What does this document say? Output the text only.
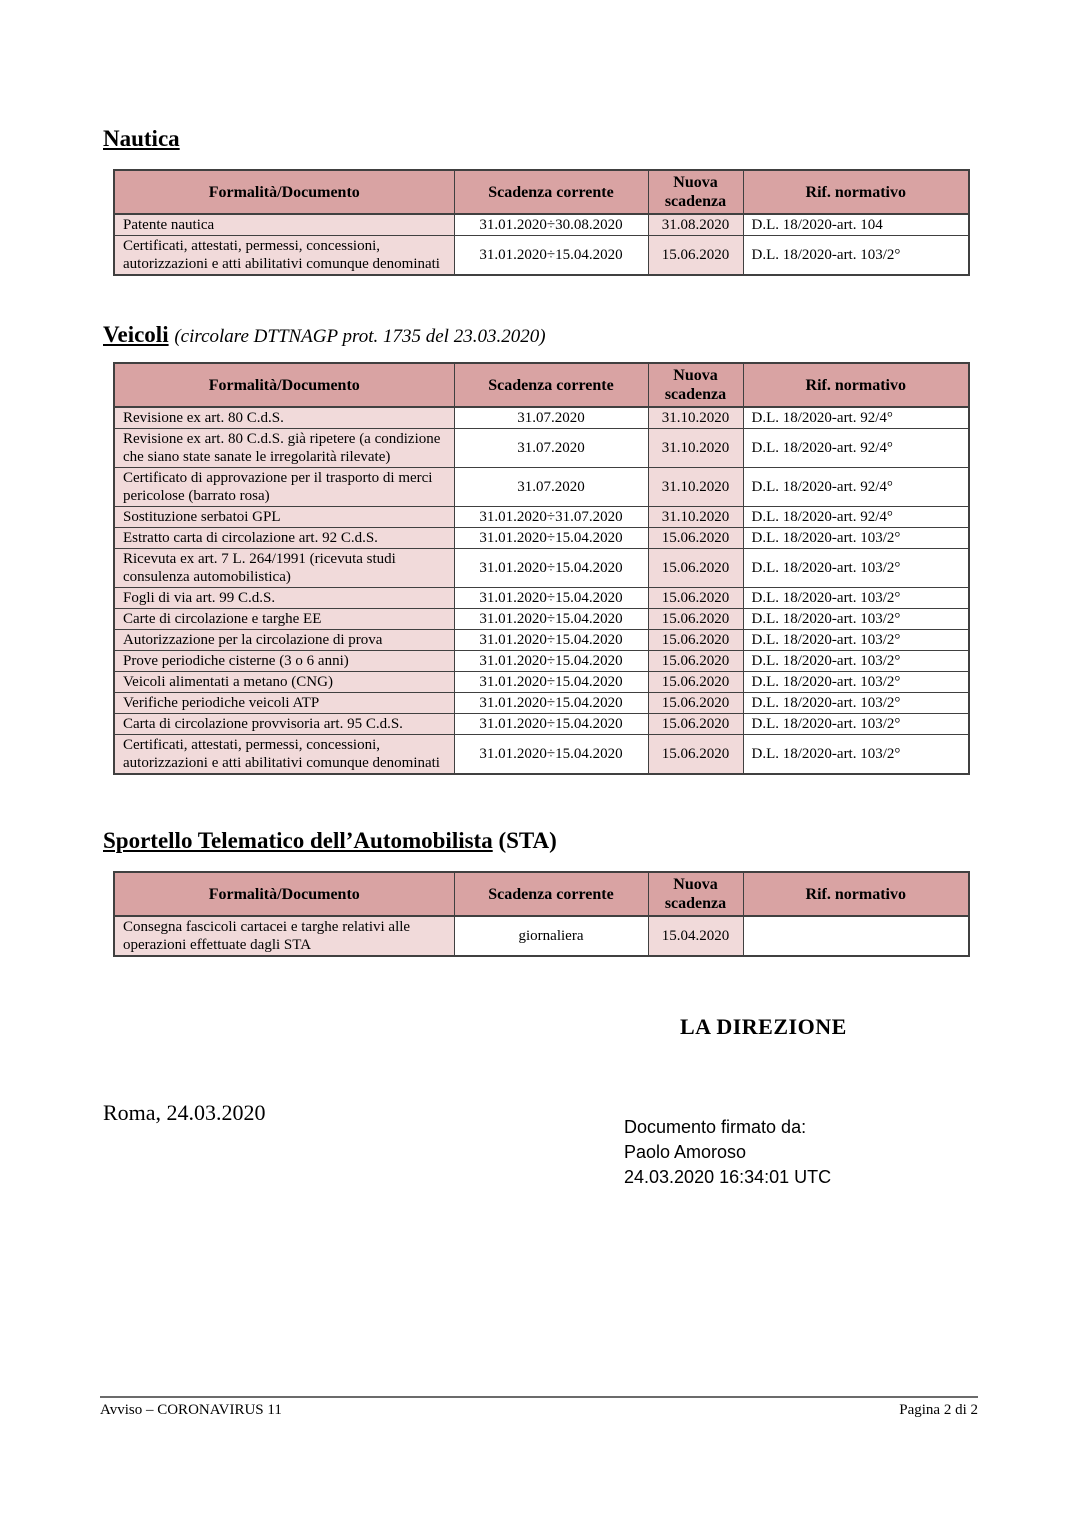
Nautica
Formalità/Documento	Scadenza corrente	Nuova scadenza	Rif. normativo
Patente nautica	31.01.2020÷30.08.2020	31.08.2020	D.L. 18/2020-art. 104
Certificati, attestati, permessi, concessioni, autorizzazioni e atti abilitativi comunque denominati	31.01.2020÷15.04.2020	15.06.2020	D.L. 18/2020-art. 103/2°
Veicoli (circolare DTTNAGP prot. 1735 del 23.03.2020)
Formalità/Documento	Scadenza corrente	Nuova scadenza	Rif. normativo
Revisione ex art. 80 C.d.S.	31.07.2020	31.10.2020	D.L. 18/2020-art. 92/4°
Revisione ex art. 80 C.d.S. già ripetere (a condizione che siano state sanate le irregolarità rilevate)	31.07.2020	31.10.2020	D.L. 18/2020-art. 92/4°
Certificato di approvazione per il trasporto di merci pericolose (barrato rosa)	31.07.2020	31.10.2020	D.L. 18/2020-art. 92/4°
Sostituzione serbatoi GPL	31.01.2020÷31.07.2020	31.10.2020	D.L. 18/2020-art. 92/4°
Estratto carta di circolazione art. 92 C.d.S.	31.01.2020÷15.04.2020	15.06.2020	D.L. 18/2020-art. 103/2°
Ricevuta ex art. 7 L. 264/1991 (ricevuta studi consulenza automobilistica)	31.01.2020÷15.04.2020	15.06.2020	D.L. 18/2020-art. 103/2°
Fogli di via art. 99 C.d.S.	31.01.2020÷15.04.2020	15.06.2020	D.L. 18/2020-art. 103/2°
Carte di circolazione e targhe EE	31.01.2020÷15.04.2020	15.06.2020	D.L. 18/2020-art. 103/2°
Autorizzazione per la circolazione di prova	31.01.2020÷15.04.2020	15.06.2020	D.L. 18/2020-art. 103/2°
Prove periodiche cisterne (3 o 6 anni)	31.01.2020÷15.04.2020	15.06.2020	D.L. 18/2020-art. 103/2°
Veicoli alimentati a metano (CNG)	31.01.2020÷15.04.2020	15.06.2020	D.L. 18/2020-art. 103/2°
Verifiche periodiche veicoli ATP	31.01.2020÷15.04.2020	15.06.2020	D.L. 18/2020-art. 103/2°
Carta di circolazione provvisoria art. 95 C.d.S.	31.01.2020÷15.04.2020	15.06.2020	D.L. 18/2020-art. 103/2°
Certificati, attestati, permessi, concessioni, autorizzazioni e atti abilitativi comunque denominati	31.01.2020÷15.04.2020	15.06.2020	D.L. 18/2020-art. 103/2°
Sportello Telematico dell’Automobilista (STA)
Formalità/Documento	Scadenza corrente	Nuova scadenza	Rif. normativo
Consegna fascicoli cartacei e targhe relativi alle operazioni effettuate dagli STA	giornaliera	15.04.2020	
LA DIREZIONE
Roma, 24.03.2020
Documento firmato da:
Paolo Amoroso
24.03.2020 16:34:01 UTC
Avviso – CORONAVIRUS 11	Pagina 2 di 2
